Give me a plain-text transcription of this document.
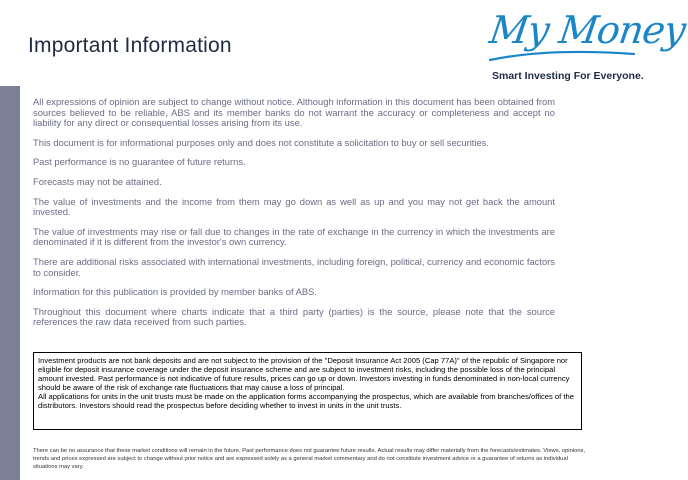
Important Information	My Money
Smart Investing For Everyone.

All expressions of opinion are subject to change without notice. Although information in this document has been obtained from sources believed to be reliable, ABS and its member banks do not warrant the accuracy or completeness and accept no liability for any direct or consequential losses arising from its use.

This document is for informational purposes only and does not constitute a solicitation to buy or sell securities.

Past performance is no guarantee of future returns.

Forecasts may not be attained.

The value of investments and the income from them may go down as well as up and you may not get back the amount invested.

The value of investments may rise or fall due to changes in the rate of exchange in the currency in which the investments are denominated if it is different from the investor's own currency.

There are additional risks associated with international investments, including foreign, political, currency and economic factors to consider.

Information for this publication is provided by member banks of ABS.

Throughout this document where charts indicate that a third party (parties) is the source, please note that the source references the raw data received from such parties.

Investment products are not bank deposits and are not subject to the provision of the "Deposit Insurance Act 2005 (Cap 77A)" of the republic of Singapore nor eligible for deposit insurance coverage under the deposit insurance scheme and are subject to investment risks, including the possible loss of the principal amount invested. Past performance is not indicative of future results, prices can go up or down. Investors investing in funds denominated in non-local currency should be aware of the risk of exchange rate fluctuations that may cause a loss of principal.

All applications for units in the unit trusts must be made on the application forms accompanying the prospectus, which are available from branches/offices of the distributors. Investors should read the prospectus before deciding whether to invest in units in the unit trusts.

There can be no assurance that these market conditions will remain in the future. Past performance does not guarantee future results. Actual results may differ materially from the forecasts/estimates. Views, opinions, trends and prices expressed are subject to change without prior notice and are expressed solely as a general market commentary and do not constitute investment advice or a guarantee of returns as individual situations may vary.
